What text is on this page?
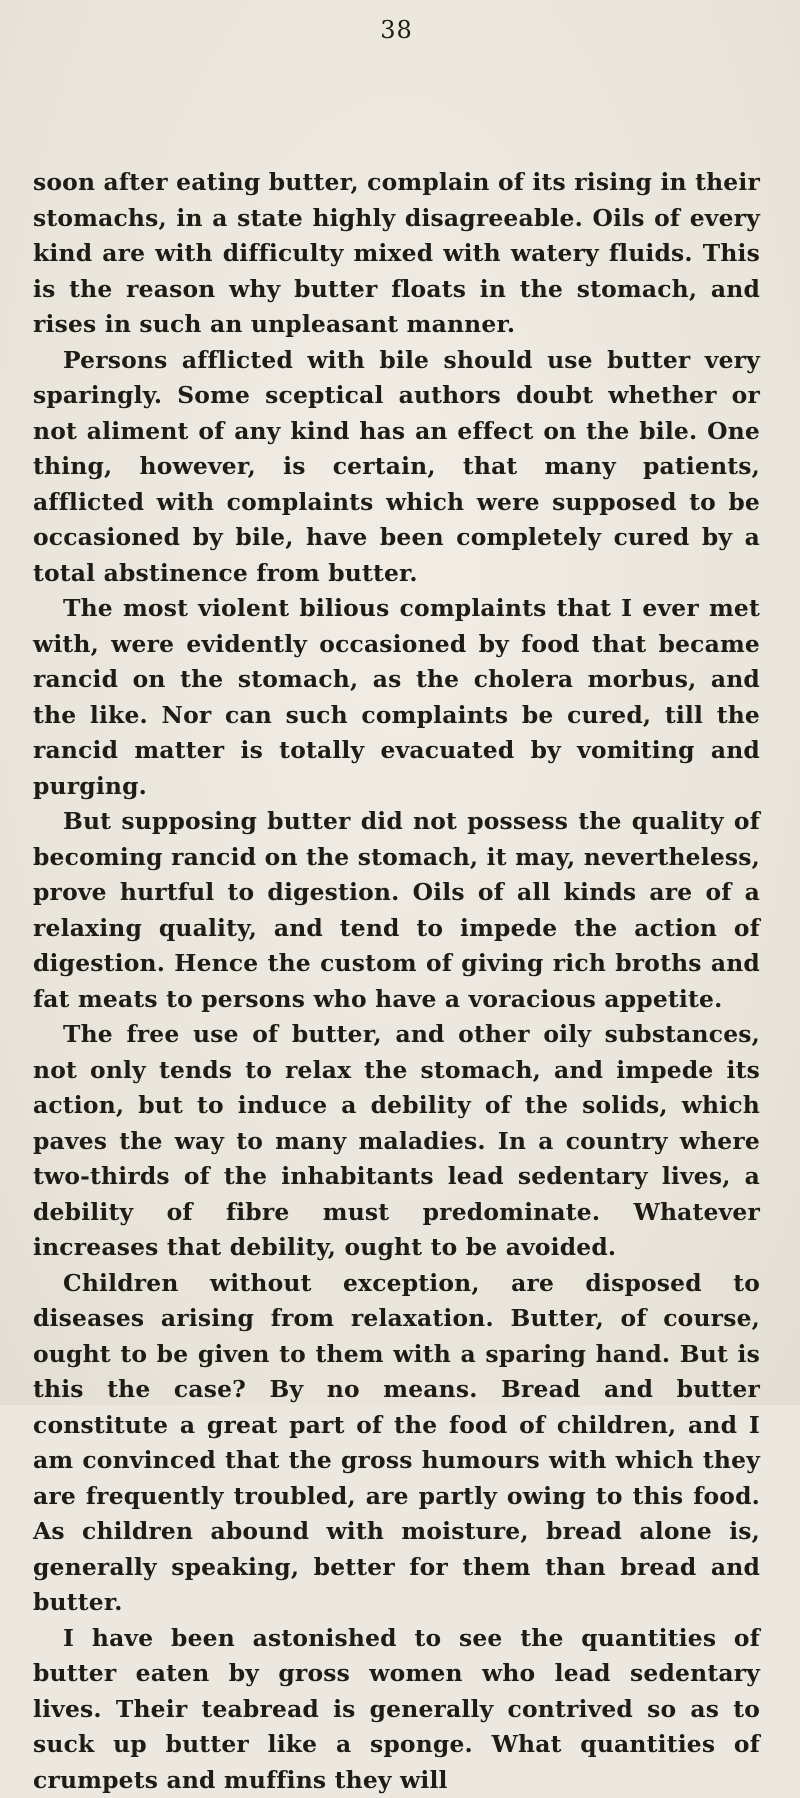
38

soon after eating butter, complain of its rising in their stomachs, in a state highly disagreeable. Oils of every kind are with difficulty mixed with watery fluids. This is the reason why butter floats in the stomach, and rises in such an unpleasant manner.

Persons afflicted with bile should use butter very sparingly. Some sceptical authors doubt whether or not aliment of any kind has an effect on the bile. One thing, however, is certain, that many patients, afflicted with complaints which were supposed to be occasioned by bile, have been completely cured by a total abstinence from butter.

The most violent bilious complaints that I ever met with, were evidently occasioned by food that became rancid on the stomach, as the cholera morbus, and the like. Nor can such complaints be cured, till the rancid matter is totally evacuated by vomiting and purging.

But supposing butter did not possess the quality of becoming rancid on the stomach, it may, nevertheless, prove hurtful to digestion. Oils of all kinds are of a relaxing quality, and tend to impede the action of digestion. Hence the custom of giving rich broths and fat meats to persons who have a voracious appetite.

The free use of butter, and other oily substances, not only tends to relax the stomach, and impede its action, but to induce a debility of the solids, which paves the way to many maladies. In a country where two-thirds of the inhabitants lead sedentary lives, a debility of fibre must predominate. Whatever increases that debility, ought to be avoided.

Children without exception, are disposed to diseases arising from relaxation. Butter, of course, ought to be given to them with a sparing hand. But is this the case? By no means. Bread and butter constitute a great part of the food of children, and I am convinced that the gross humours with which they are frequently troubled, are partly owing to this food. As children abound with moisture, bread alone is, generally speaking, better for them than bread and butter.

I have been astonished to see the quantities of butter eaten by gross women who lead sedentary lives. Their teabread is generally contrived so as to suck up butter like a sponge. What quantities of crumpets and muffins they will
